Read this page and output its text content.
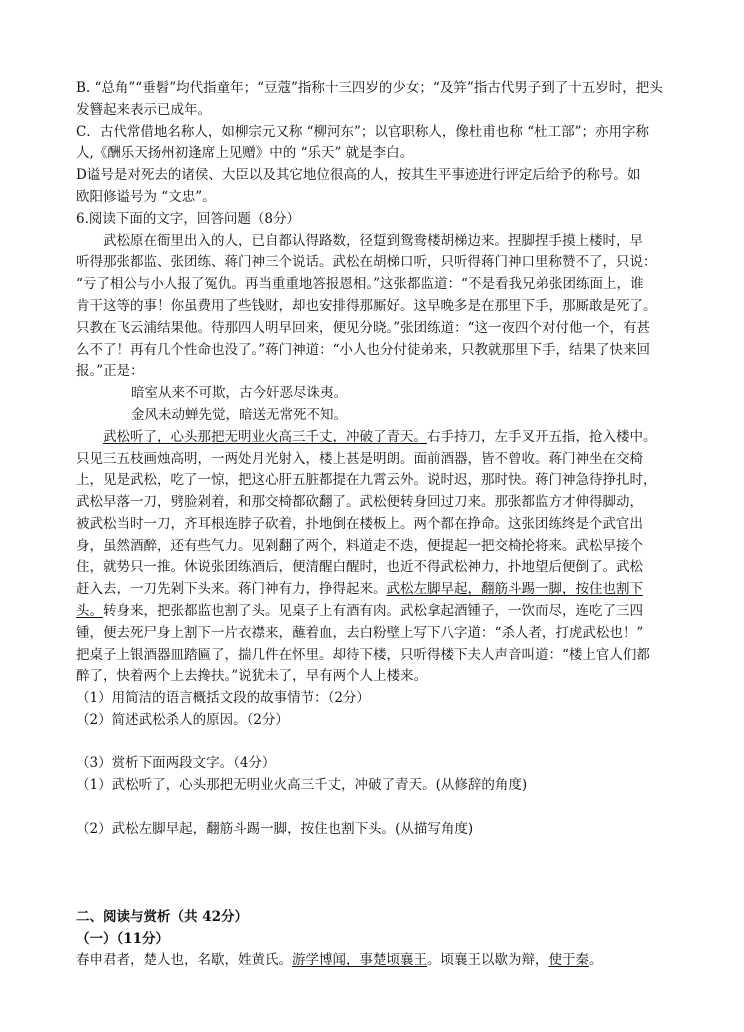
B. “总角”“垂髫”均代指童年；“豆蔻”指称十三四岁的少女；“及笄”指古代男子到了十五岁时，把头
发簪起来表示已成年。
C．古代常借地名称人，如柳宗元又称 “柳河东”；以官职称人，像杜甫也称 “杜工部”；亦用字称
人,《酬乐天扬州初逢席上见赠》中的 “乐天” 就是李白。
D谥号是对死去的诸侯、大臣以及其它地位很高的人，按其生平事迹进行评定后给予的称号。如
欧阳修谥号为 “文忠”。
6.阅读下面的文字，回答问题（8分）
武松原在衙里出入的人，已自都认得路数，径踅到鸳鸯楼胡梯边来。捏脚捏手摸上楼时，早
听得那张都监、张团练、蒋门神三个说话。武松在胡梯口听，只听得蒋门神口里称赞不了，只说：
“亏了相公与小人报了冤仇。再当重重地答报恩相。”这张都监道：“不是看我兄弟张团练面上，谁
肯干这等的事！你虽费用了些钱财，却也安排得那厮好。这早晚多是在那里下手，那厮敢是死了。
只教在飞云浦结果他。待那四人明早回来，便见分晓。”张团练道：“这一夜四个对付他一个，有甚
么不了！再有几个性命也没了。”蒋门神道：“小人也分付徒弟来，只教就那里下手，结果了快来回
报。”正是：
暗室从来不可欺，古今奸恶尽诛夷。
金风未动蝉先觉，暗送无常死不知。
武松听了，心头那把无明业火高三千丈，冲破了青天。右手持刀，左手叉开五指，抢入楼中。
只见三五枝画烛高明，一两处月光射入，楼上甚是明朗。面前酒器，皆不曾收。蒋门神坐在交椅
上，见是武松，吃了一惊，把这心肝五脏都提在九霄云外。说时迟，那时快。蒋门神急待挣扎时，
武松早落一刀，劈脸剁着，和那交椅都砍翻了。武松便转身回过刀来。那张都监方才伸得脚动，
被武松当时一刀，齐耳根连脖子砍着，扑地倒在楼板上。两个都在挣命。这张团练终是个武官出
身，虽然酒醉，还有些气力。见剁翻了两个，料道走不迭，便提起一把交椅抡将来。武松早接个
住，就势只一推。休说张团练酒后，便清醒白醒时，也近不得武松神力，扑地望后便倒了。武松
赶入去，一刀先剁下头来。蒋门神有力，挣得起来。武松左脚早起，翻筋斗踢一脚，按住也割下
头。转身来，把张都监也割了头。见桌子上有酒有肉。武松拿起酒锺子，一饮而尽，连吃了三四
锺，便去死尸身上割下一片衣襟来，蘸着血，去白粉壁上写下八字道：“杀人者，打虎武松也！”
把桌子上银酒器皿踏匾了，揣几件在怀里。却待下楼，只听得楼下夫人声音叫道：“楼上官人们都
醉了，快着两个上去搀扶。”说犹未了，早有两个人上楼来。
（1）用简洁的语言概括文段的故事情节：（2分）
（2）简述武松杀人的原因。（2分）
（3）赏析下面两段文字。（4分）
（1）武松听了，心头那把无明业火高三千丈，冲破了青天。(从修辞的角度)
（2）武松左脚早起，翻筋斗踢一脚，按住也割下头。(从描写角度)
二、阅读与赏析（共 42分）
（一）（11分）
春申君者，楚人也，名歇，姓黄氏。游学博闻，事楚顷襄王。顷襄王以歇为辩，使于秦。
